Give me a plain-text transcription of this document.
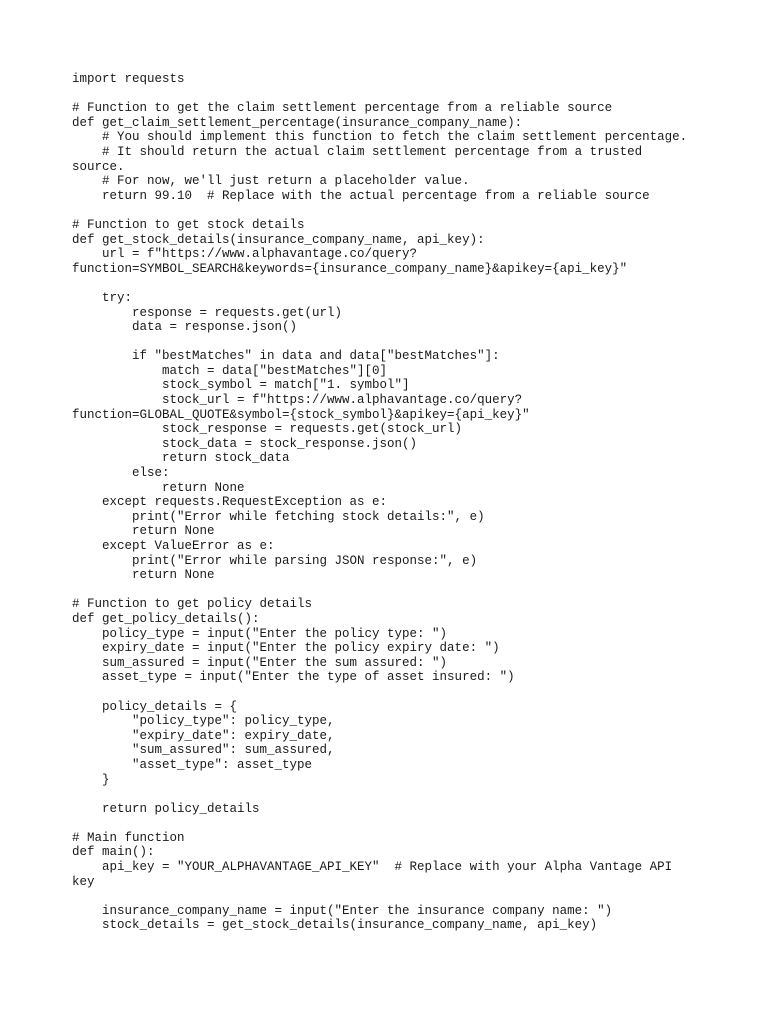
import requests
# Function to get the claim settlement percentage from a reliable source
def get_claim_settlement_percentage(insurance_company_name):
# You should implement this function to fetch the claim settlement percentage.
# It should return the actual claim settlement percentage from a trusted
source.
# For now, we'll just return a placeholder value.
return 99.10  # Replace with the actual percentage from a reliable source
# Function to get stock details
def get_stock_details(insurance_company_name, api_key):
url = f"https://www.alphavantage.co/query?
function=SYMBOL_SEARCH&keywords={insurance_company_name}&apikey={api_key}"
try:
response = requests.get(url)
data = response.json()
if "bestMatches" in data and data["bestMatches"]:
match = data["bestMatches"][0]
stock_symbol = match["1. symbol"]
stock_url = f"https://www.alphavantage.co/query?
function=GLOBAL_QUOTE&symbol={stock_symbol}&apikey={api_key}"
stock_response = requests.get(stock_url)
stock_data = stock_response.json()
return stock_data
else:
return None
except requests.RequestException as e:
print("Error while fetching stock details:", e)
return None
except ValueError as e:
print("Error while parsing JSON response:", e)
return None
# Function to get policy details
def get_policy_details():
policy_type = input("Enter the policy type: ")
expiry_date = input("Enter the policy expiry date: ")
sum_assured = input("Enter the sum assured: ")
asset_type = input("Enter the type of asset insured: ")
policy_details = {
"policy_type": policy_type,
"expiry_date": expiry_date,
"sum_assured": sum_assured,
"asset_type": asset_type
}
return policy_details
# Main function
def main():
api_key = "YOUR_ALPHAVANTAGE_API_KEY"  # Replace with your Alpha Vantage API
key
insurance_company_name = input("Enter the insurance company name: ")
stock_details = get_stock_details(insurance_company_name, api_key)
